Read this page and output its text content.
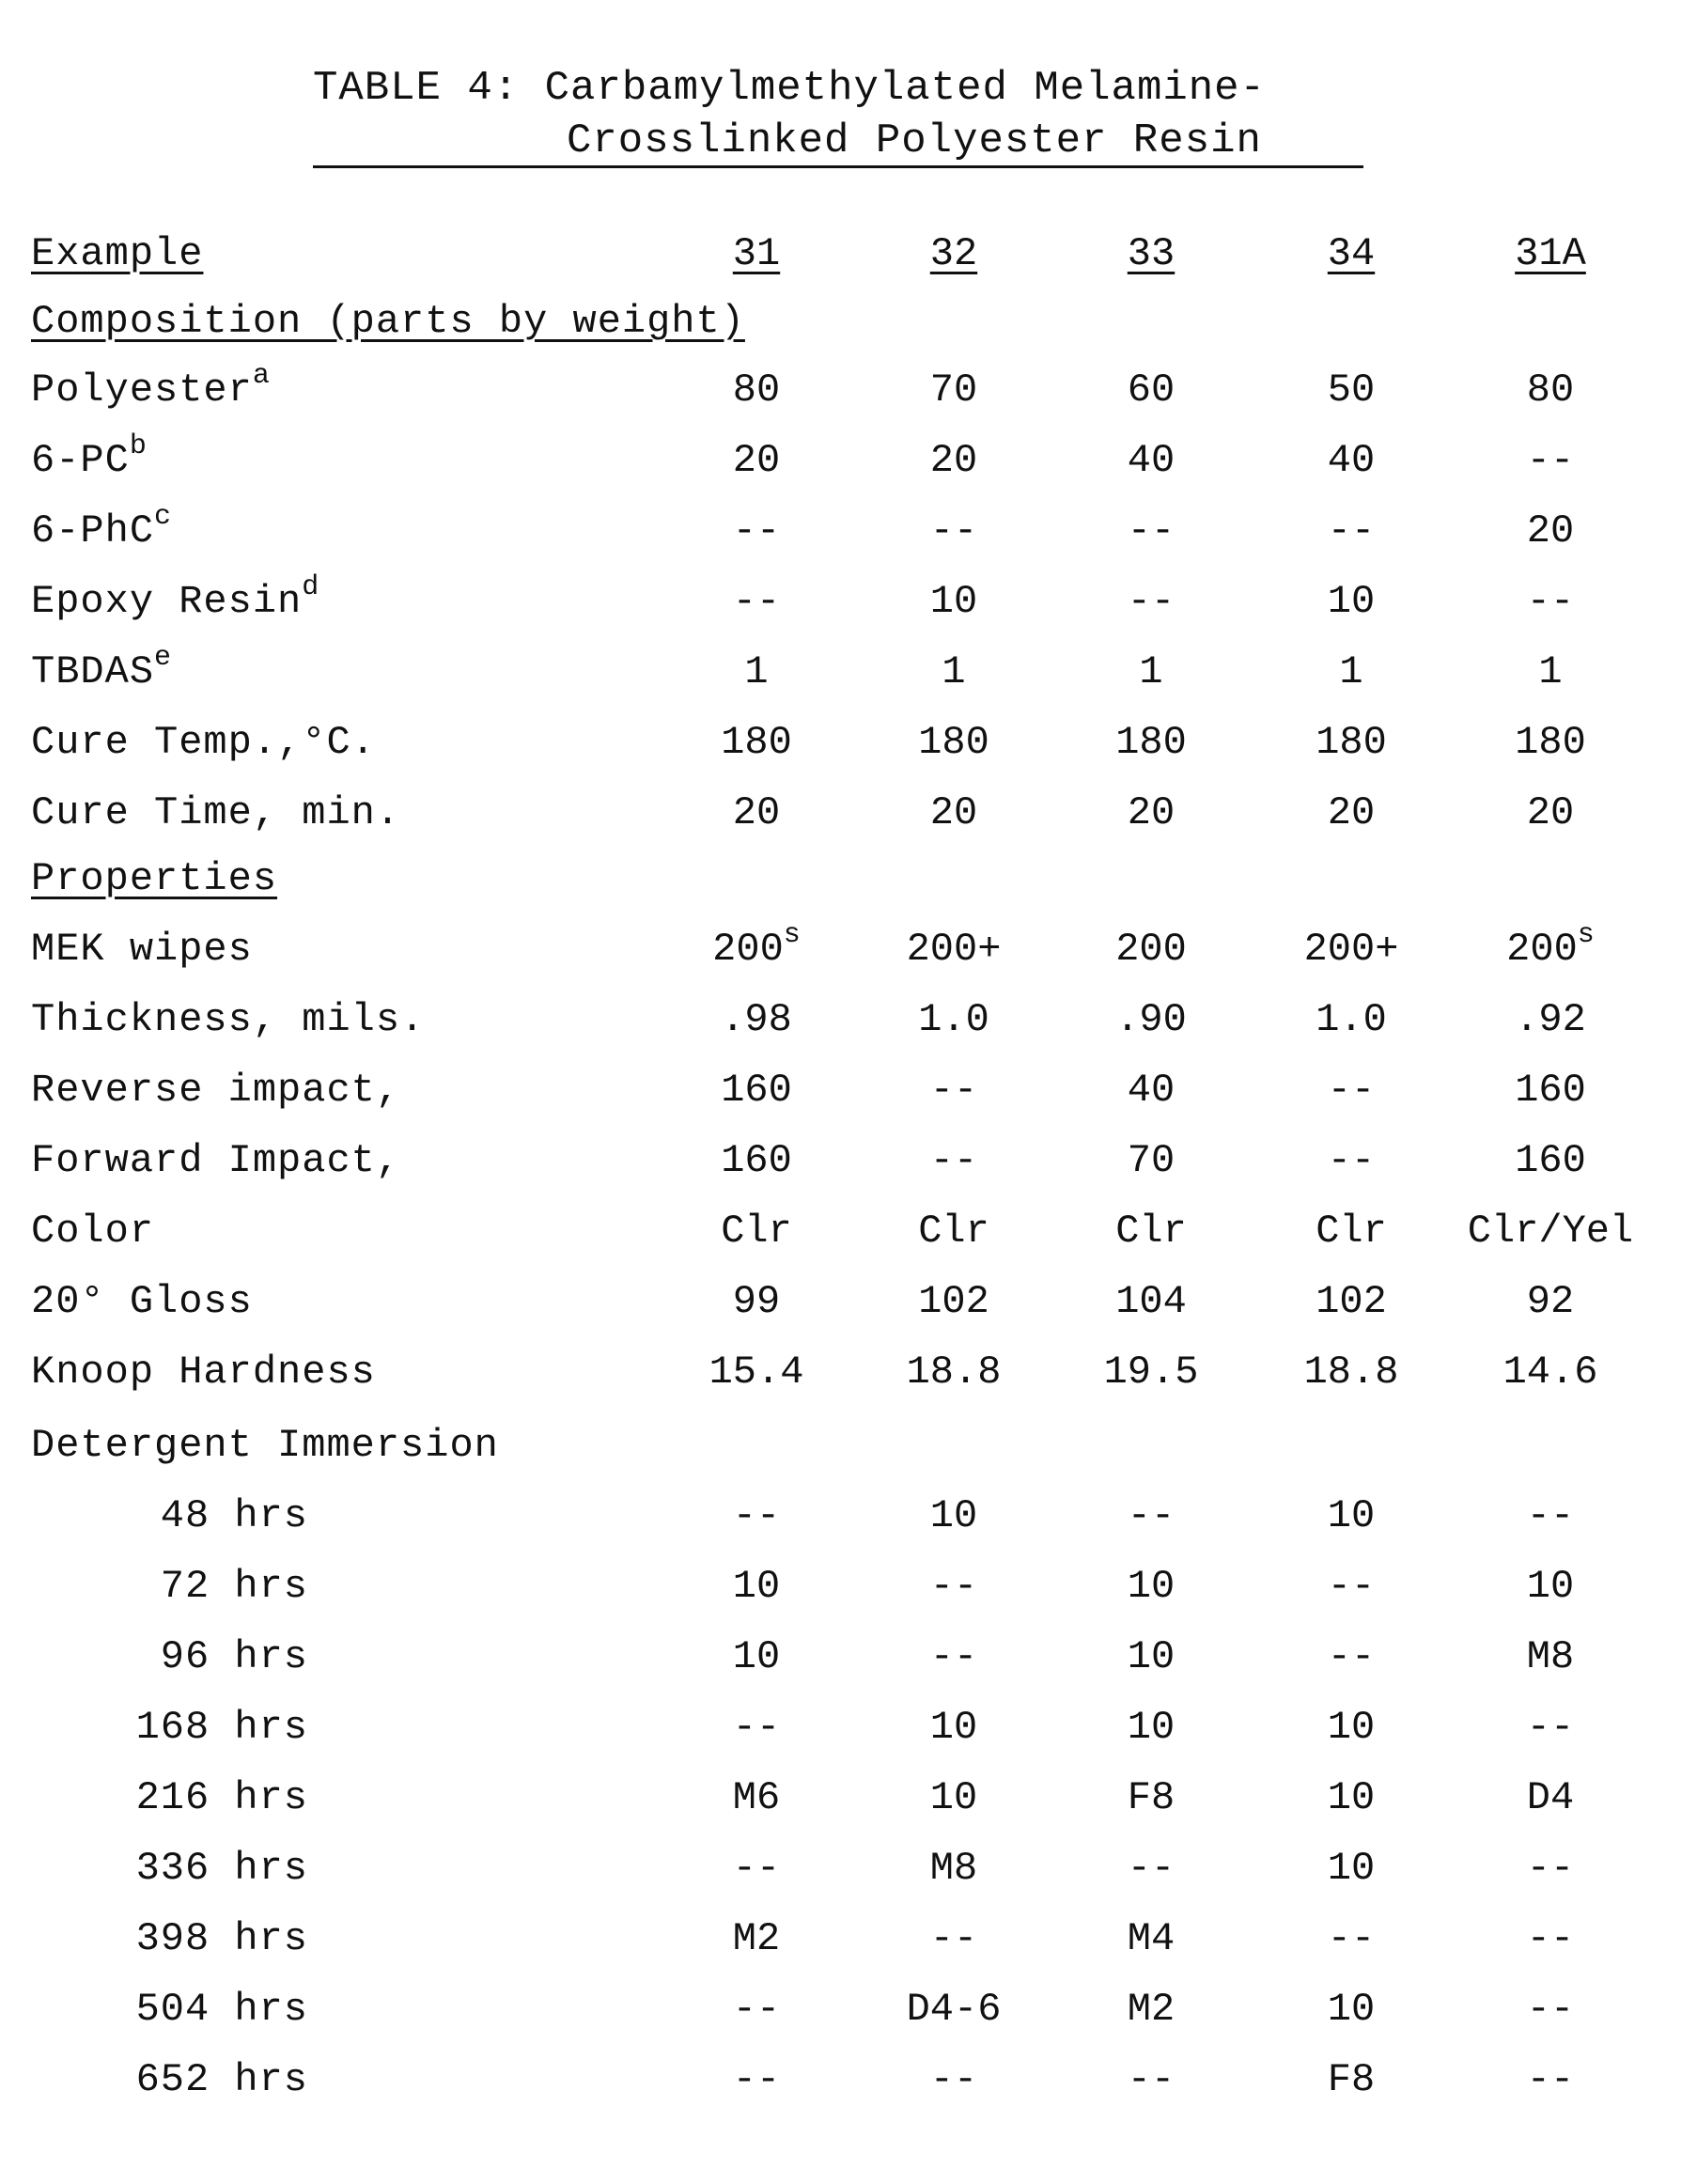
TABLE 4: Carbamylmethylated Melamine-
Crosslinked Polyester Resin
Example	31	32	33	34	31A
Composition (parts by weight)
Polyester$^a$	80	70	60	50	80
$6-PC^b$	20	20	40	40	--
6-PhC$^c$	--	--	--	--	20
Epoxy Resin$^d$	--	10	--	10	--
TBDAS$^e$	1	1	1	1	1
Cure Temp.,°C.	180	180	180	180	180
Cure Time, min.	20	20	20	20	20
Properties
MEK wipes	200$^s$	200+	200	200+	$200^s$
Thickness, mils.	.98	1.0	.90	1.0	.92
Reverse impact,	160	--	40	--	160
Forward Impact,	160	--	70	--	160
Color	Clr	Clr	Clr	Clr	Clr/Yel
20° Gloss	99	102	104	102	92
Knoop Hardness	15.4	18.8	19.5	18.8	14.6
Detergent Immersion
48 hrs	--	10	--	10	--
72 hrs	10	--	10	--	10
96 hrs	10	--	10	--	M8
168 hrs	--	10	10	10	--
216 hrs	M6	10	F8	10	D4
336 hrs	--	M8	--	10	--
398 hrs	M2	--	M4	--	--
504 hrs	--	D4-6	M2	10	--
652 hrs	--	--	--	F8	--
